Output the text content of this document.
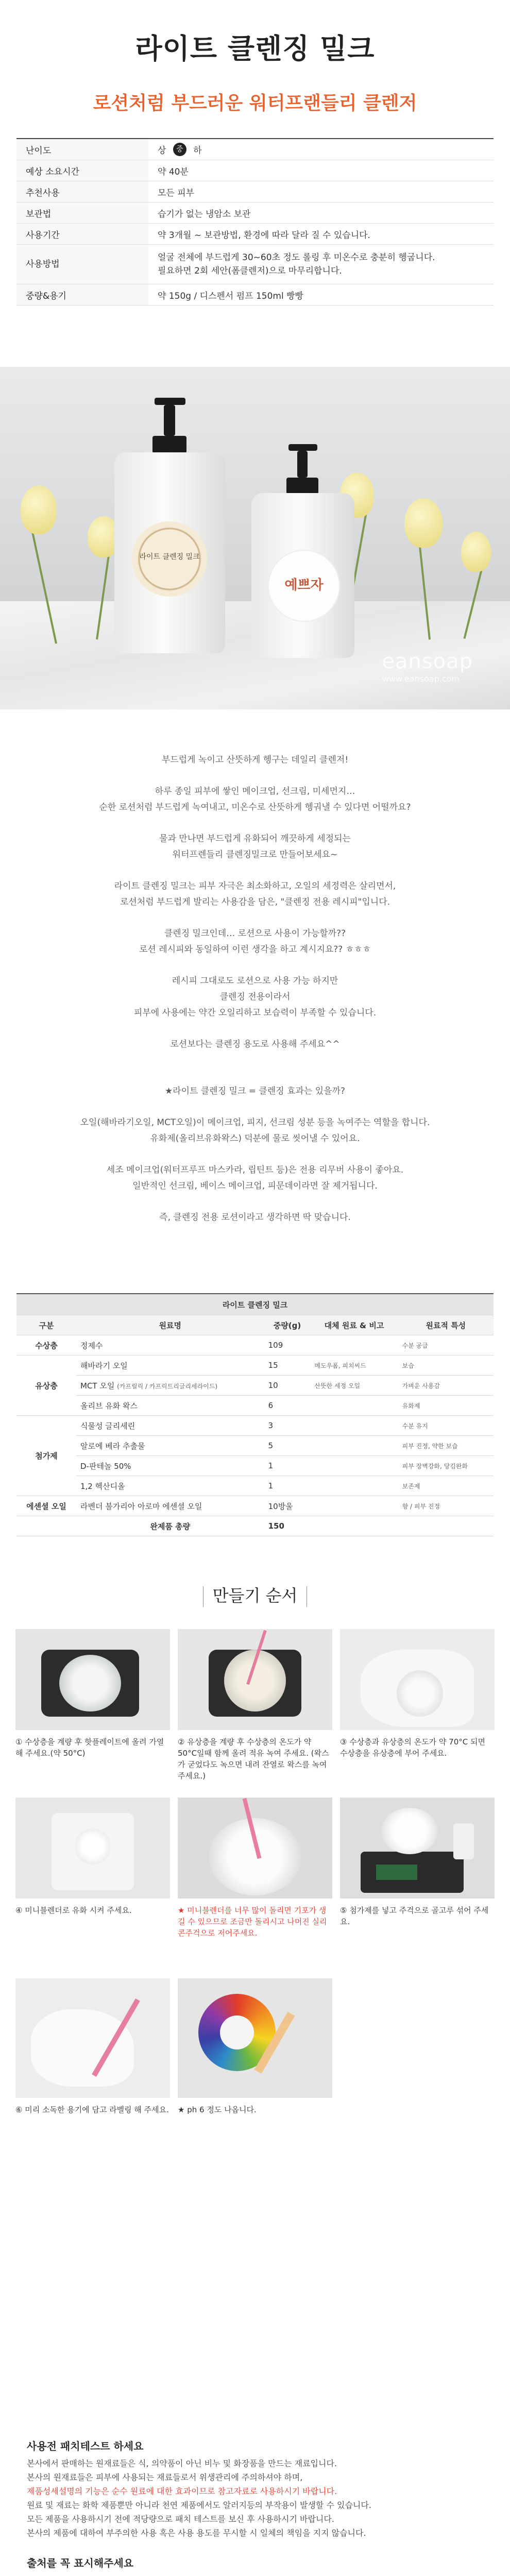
라이트 클렌징 밀크
로션처럼 부드러운 워터프랜들리 클렌저
난이도	상 중 하
예상 소요시간	약 40분
추천사용	모든 피부
보관법	습기가 없는 냉암소 보관
사용기간	약 3개월 ~ 보관방법, 환경에 따라 달라 질 수 있습니다.
사용방법	얼굴 전체에 부드럽게 30~60초 정도 롤링 후 미온수로 충분히 헹굽니다.
필요하면 2회 세안(폼클렌저)으로 마무리합니다.

중량&용기	약 150g / 디스펜서 펌프 150ml 빵빵
라이트 클렌징 밀크
예쁘자
eansoap
www.eansoap.com

부드럽게 녹이고 산뜻하게 헹구는 데일리 클렌저!

하루 종일 피부에 쌓인 메이크업, 선크림, 미세먼지…
순한 로션처럼 부드럽게 녹여내고, 미온수로 산뜻하게 헹궈낼 수 있다면 어떨까요?

물과 만나면 부드럽게 유화되어 깨끗하게 세정되는
워터프렌들리 클렌징밀크로 만들어보세요~

라이트 클렌징 밀크는 피부 자극은 최소화하고, 오일의 세정력은 살리면서,
로션처럼 부드럽게 발리는 사용감을 담은, "클렌징 전용 레시피"입니다.

클렌징 밀크인데… 로션으로 사용이 가능할까??
로션 레시피와 동일하여 이런 생각을 하고 계시지요?? ㅎㅎㅎ

레시피 그대로도 로션으로 사용 가능 하지만
클렌징 전용이라서
피부에 사용에는 약간 오일리하고 보습력이 부족할 수 있습니다.

로션보다는 클렌징 용도로 사용해 주세요^^

★라이트 클렌징 밀크 = 클렌징 효과는 있을까?

오일(해바라기오일, MCT오일)이 메이크업, 피지, 선크림 성분 등을 녹여주는 역할을 합니다.
유화제(올리브유화왁스) 덕분에 물로 씻어낼 수 있어요.

세조 메이크업(워터프루프 마스카라, 립틴트 등)은 전용 리무버 사용이 좋아요.
일반적인 선크림, 베이스 메이크업, 피문데이라면 잘 제거됩니다.

즉, 클렌징 전용 로션이라고 생각하면 딱 맞습니다.

라이트 클렌징 밀크				
구분	원료명	중량(g)	대체 원료 & 비고	원료적 특성
수상층	정제수	109		수분 공급
유상층	해바라기 오일	15	메도우폼, 피치씨드	보습
	MCT 오일 (카프릴릭 / 카프릭트리글리세라이드)	10	산뜻한 세정 오일	가벼운 사용감
	올리브 유화 왁스	6		유화제
첨가제	식물성 글리세린	3		수분 유지
	알로에 베라 추출물	5		피부 진정, 약한 보습
	D-판테놀 50%	1		피부 장벽강화, 당김완화
	1,2 헥산디올	1		보존제
에센셜 오일	라벤더 불가리아 아로마 에센셜 오일	10방울		향 / 피부 진정
	완제품 총량	150		
만들기 순서
① 수상층을 계량 후 핫플레이트에 올려 가열 해 주세요.(약 50°C)
② 유상층을 계량 후 수상층의 온도가 약 50°C일때 함께 올려 적유 녹여 주세요. (왁스가 굳었다도 녹으면 내려 잔열로 왁스를 녹여 주세요.)
③ 수상층과 유상층의 온도가 약 70°C 되면 수상층을 유상층에 부어 주세요.
④ 미니블렌더로 유화 시켜 주세요.	★ 미니블렌더를 너무 많이 돌리면 기포가 생길 수 있으므로 조금만 돌리시고 나머진 실리콘주걱으로 저어주세요.
⑤ 첨가제를 넣고 주걱으로 골고루 섞어 주세요.
⑥ 미리 소독한 용기에 담고 라벨링 해 주세요. ★ ph 6 정도 나옵니다.
사용전 패치테스트 하세요

본사에서 판매하는 원재료들은 식, 의약품이 아닌 비누 및 화장품을 만드는 재료입니다.

본사의 원재료들은 피부에 사용되는 재료들로서 위생관리에 주의하셔야 하며,

제품성세설명의 기능은 순수 원료에 대한 효과이므로 참고자료로 사용하시기 바랍니다.

원료 및 재료는 화학 제품뿐만 아니라 천연 제품에서도 알러지등의 부작용이 발생할 수 있습니다.

모든 제품을 사용하시기 전에 적당량으로 패치 테스트를 보신 후 사용하시기 바랍니다.

본사의 제품에 대하여 부주의한 사용 혹은 사용 용도를 무시할 시 일체의 책임을 지지 않습니다.

출처를 꼭 표시해주세요
